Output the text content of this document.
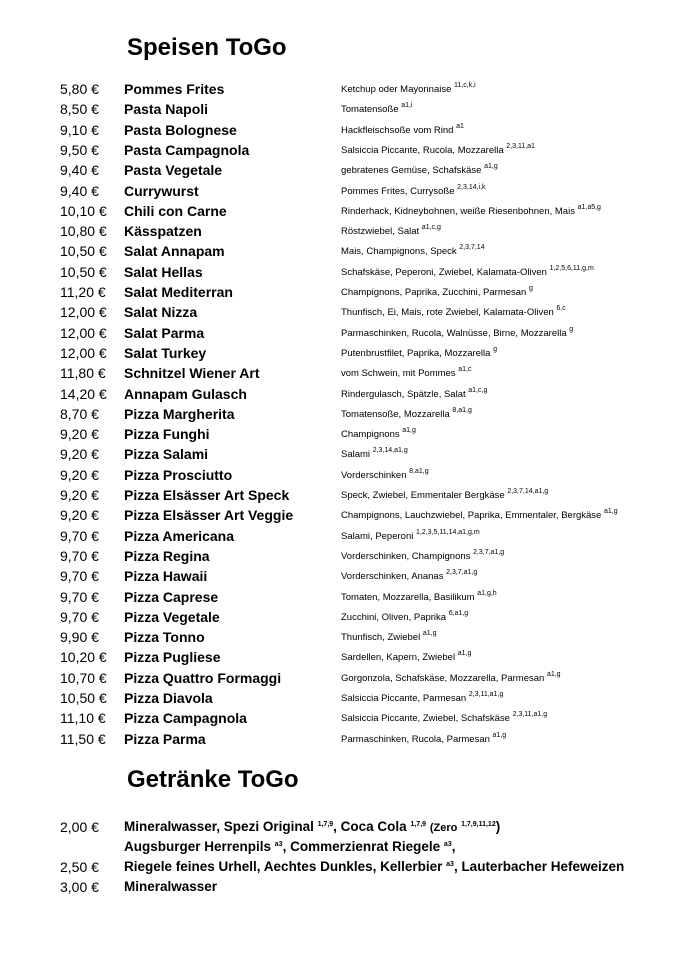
Speisen ToGo
5,80 € Pommes Frites	Ketchup oder Mayonnaise $^{11,c,k,i}$
8,50 € Pasta Napoli	Tomatensoße $^{a1,i}$
9,10 € Pasta Bolognese	Hackfleischsoße vom Rind $^{a1}$
9,50 € Pasta Campagnola	Salsiccia Piccante, Rucola, Mozzarella $^{2,3,11,a1}$
9,40 € Pasta Vegetale	gebratenes Gemüse, Schafskäse $^{a1,g}$
9,40 € Currywurst	Pommes Frites, Currysoße $^{2,3,14,i,k}$
10,10 € Chili con Carne	Rinderhack, Kidneybohnen, weiße Riesenbohnen, Mais $^{a1,a5,g}$
10,80 € Kässpatzen	Röstzwiebel, Salat $^{a1,c,g}$
10,50 € Salat Annapam	Mais, Champignons, Speck $^{2,3,7,14}$
10,50 € Salat Hellas	Schafskäse, Peperoni, Zwiebel, Kalamata-Oliven $^{1,2,5,6,11,g,m}$
11,20 € Salat Mediterran	Champignons, Paprika, Zucchini, Parmesan $^g$
12,00 € Salat Nizza	Thunfisch, Ei, Mais, rote Zwiebel, Kalamata-Oliven $^{6,c}$
12,00 € Salat Parma	Parmaschinken, Rucola, Walnüsse, Birne, Mozzarella $^g$
12,00 € Salat Turkey	Putenbrustfilet, Paprika, Mozzarella $^g$
11,80 € Schnitzel Wiener Art	vom Schwein, mit Pommes $^{a1,c}$
14,20 € Annapam Gulasch	Rindergulasch, Spätzle, Salat $^{a1,c,g}$
8,70 € Pizza Margherita	Tomatensoße, Mozzarella $^{8,a1,g}$
9,20 € Pizza Funghi	Champignons $^{a1,g}$
9,20 € Pizza Salami	Salami $^{2,3,14,a1,g}$
9,20 € Pizza Prosciutto	Vorderschinken $^{8,a1,g}$
9,20 € Pizza Elsässer Art Speck	Speck, Zwiebel, Emmentaler Bergkäse $^{2,3,7,14,a1,g}$
9,20 € Pizza Elsässer Art Veggie	Champignons, Lauchzwiebel, Paprika, Emmentaler, Bergkäse $^{a1,g}$
9,70 € Pizza Americana	Salami, Peperoni $^{1,2,3,5,11,14,a1,g,m}$
9,70 € Pizza Regina	Vorderschinken, Champignons $^{2,3,7,a1,g}$
9,70 € Pizza Hawaii	Vorderschinken, Ananas $^{2,3,7,a1,g}$
9,70 € Pizza Caprese	Tomaten, Mozzarella, Basilikum $^{a1,g,h}$
9,70 € Pizza Vegetale	Zucchini, Oliven, Paprika $^{6,a1,g}$
9,90 € Pizza Tonno	Thunfisch, Zwiebel $^{a1,g}$
10,20 € Pizza Pugliese	Sardellen, Kapern, Zwiebel $^{a1,g}$
10,70 € Pizza Quattro Formaggi	Gorgonzola, Schafskäse, Mozzarella, Parmesan $^{a1,g}$
10,50 € Pizza Diavola	Salsiccia Piccante, Parmesan $^{2,3,11,a1,g}$
11,10 € Pizza Campagnola	Salsiccia Piccante, Zwiebel, Schafskäse $^{2,3,11,a1,g}$
11,50 € Pizza Parma	Parmaschinken, Rucola, Parmesan $^{a1,g}$
Getränke ToGo
2,00 € Mineralwasser, Spezi Original $^{1,7,9}$, Coca Cola $^{1,7,9}$ (Zero $^{1,7,9,11,12}$)
Augsburger Herrenpils $^{a3}$, Commerzienrat Riegele $^{a3}$,
2,50 € Riegele feines Urhell, Aechtes Dunkles, Kellerbier $^{a3}$, Lauterbacher Hefeweizen
3,00 € Mineralwasser
